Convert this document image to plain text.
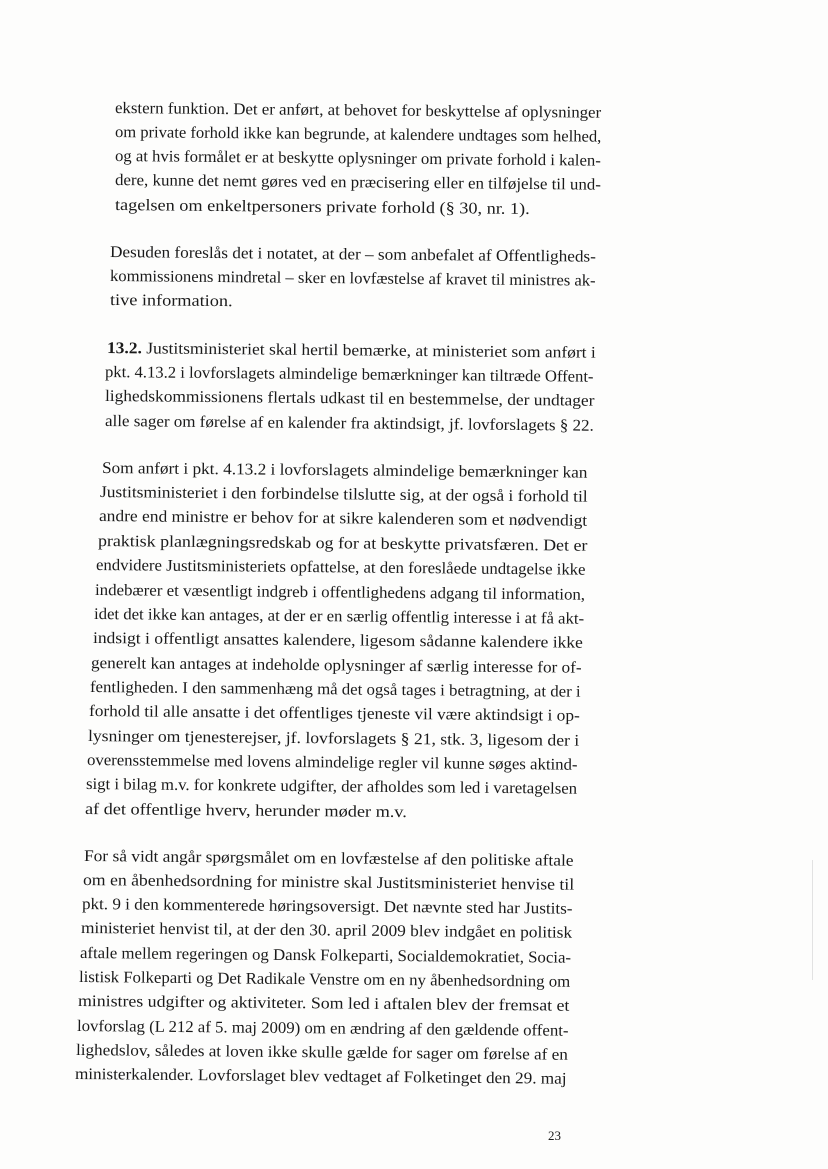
ekstern funktion. Det er anført, at behovet for beskyttelse af oplysninger
om private forhold ikke kan begrunde, at kalendere undtages som helhed,
og at hvis formålet er at beskytte oplysninger om private forhold i kalen-
dere, kunne det nemt gøres ved en præcisering eller en tilføjelse til und-
tagelsen om enkeltpersoners private forhold (§ 30, nr. 1).
Desuden foreslås det i notatet, at der – som anbefalet af Offentligheds-
kommissionens mindretal – sker en lovfæstelse af kravet til ministres ak-
tive information.
13.2. Justitsministeriet skal hertil bemærke, at ministeriet som anført i
pkt. 4.13.2 i lovforslagets almindelige bemærkninger kan tiltræde Offent-
lighedskommissionens flertals udkast til en bestemmelse, der undtager
alle sager om førelse af en kalender fra aktindsigt, jf. lovforslagets § 22.
Som anført i pkt. 4.13.2 i lovforslagets almindelige bemærkninger kan
Justitsministeriet i den forbindelse tilslutte sig, at der også i forhold til
andre end ministre er behov for at sikre kalenderen som et nødvendigt
praktisk planlægningsredskab og for at beskytte privatsfæren. Det er
endvidere Justitsministeriets opfattelse, at den foreslåede undtagelse ikke
indebærer et væsentligt indgreb i offentlighedens adgang til information,
idet det ikke kan antages, at der er en særlig offentlig interesse i at få akt-
indsigt i offentligt ansattes kalendere, ligesom sådanne kalendere ikke
generelt kan antages at indeholde oplysninger af særlig interesse for of-
fentligheden. I den sammenhæng må det også tages i betragtning, at der i
forhold til alle ansatte i det offentliges tjeneste vil være aktindsigt i op-
lysninger om tjenesterejser, jf. lovforslagets § 21, stk. 3, ligesom der i
overensstemmelse med lovens almindelige regler vil kunne søges aktind-
sigt i bilag m.v. for konkrete udgifter, der afholdes som led i varetagelsen
af det offentlige hverv, herunder møder m.v.
For så vidt angår spørgsmålet om en lovfæstelse af den politiske aftale
om en åbenhedsordning for ministre skal Justitsministeriet henvise til
pkt. 9 i den kommenterede høringsoversigt. Det nævnte sted har Justits-
ministeriet henvist til, at der den 30. april 2009 blev indgået en politisk
aftale mellem regeringen og Dansk Folkeparti, Socialdemokratiet, Socia-
listisk Folkeparti og Det Radikale Venstre om en ny åbenhedsordning om
ministres udgifter og aktiviteter. Som led i aftalen blev der fremsat et
lovforslag (L 212 af 5. maj 2009) om en ændring af den gældende offent-
lighedslov, således at loven ikke skulle gælde for sager om førelse af en
ministerkalender. Lovforslaget blev vedtaget af Folketinget den 29. maj
23
